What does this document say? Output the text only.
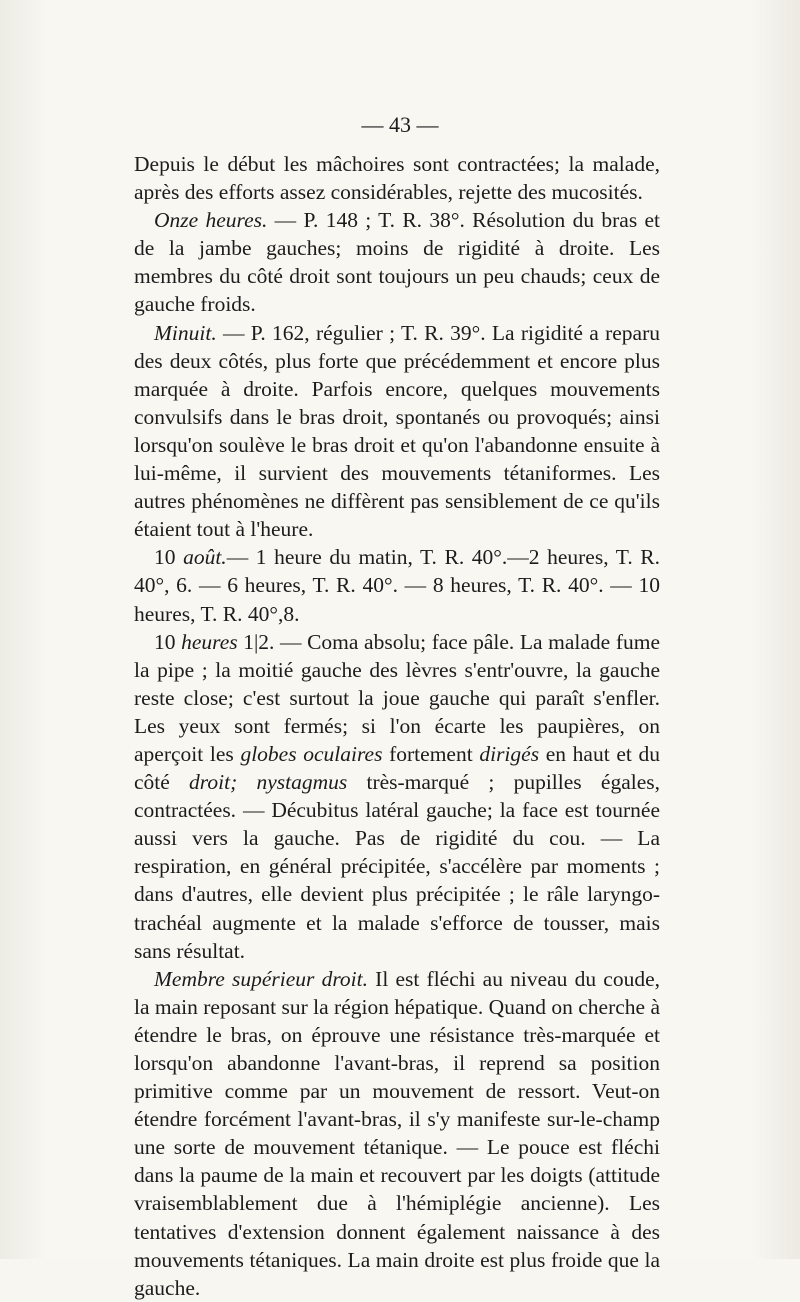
— 43 —

Depuis le début les mâchoires sont contractées; la malade, après des efforts assez considérables, rejette des mucosités.

Onze heures. — P. 148 ; T. R. 38°. Résolution du bras et de la jambe gauches; moins de rigidité à droite. Les membres du côté droit sont toujours un peu chauds; ceux de gauche froids.

Minuit. — P. 162, régulier ; T. R. 39°. La rigidité a reparu des deux côtés, plus forte que précédemment et encore plus marquée à droite. Parfois encore, quelques mouvements convulsifs dans le bras droit, spontanés ou provoqués; ainsi lorsqu'on soulève le bras droit et qu'on l'abandonne ensuite à lui-même, il survient des mouvements tétaniformes. Les autres phénomènes ne diffèrent pas sensiblement de ce qu'ils étaient tout à l'heure.

10 août.— 1 heure du matin, T. R. 40°.—2 heures, T. R. 40°, 6. — 6 heures, T. R. 40°. — 8 heures, T. R. 40°. — 10 heures, T. R. 40°,8.

10 heures 1|2. — Coma absolu; face pâle. La malade fume la pipe ; la moitié gauche des lèvres s'entr'ouvre, la gauche reste close; c'est surtout la joue gauche qui paraît s'enfler. Les yeux sont fermés; si l'on écarte les paupières, on aperçoit les globes oculaires fortement dirigés en haut et du côté droit; nystagmus très-marqué ; pupilles égales, contractées. — Décubitus latéral gauche; la face est tournée aussi vers la gauche. Pas de rigidité du cou. — La respiration, en général précipitée, s'accélère par moments ; dans d'autres, elle devient plus précipitée ; le râle laryngo-trachéal augmente et la malade s'efforce de tousser, mais sans résultat.

Membre supérieur droit. Il est fléchi au niveau du coude, la main reposant sur la région hépatique. Quand on cherche à étendre le bras, on éprouve une résistance très-marquée et lorsqu'on abandonne l'avant-bras, il reprend sa position primitive comme par un mouvement de ressort. Veut-on étendre forcément l'avant-bras, il s'y manifeste sur-le-champ une sorte de mouvement tétanique. — Le pouce est fléchi dans la paume de la main et recouvert par les doigts (attitude vraisemblablement due à l'hémiplégie ancienne). Les tentatives d'extension donnent également naissance à des mouvements tétaniques. La main droite est plus froide que la gauche.
